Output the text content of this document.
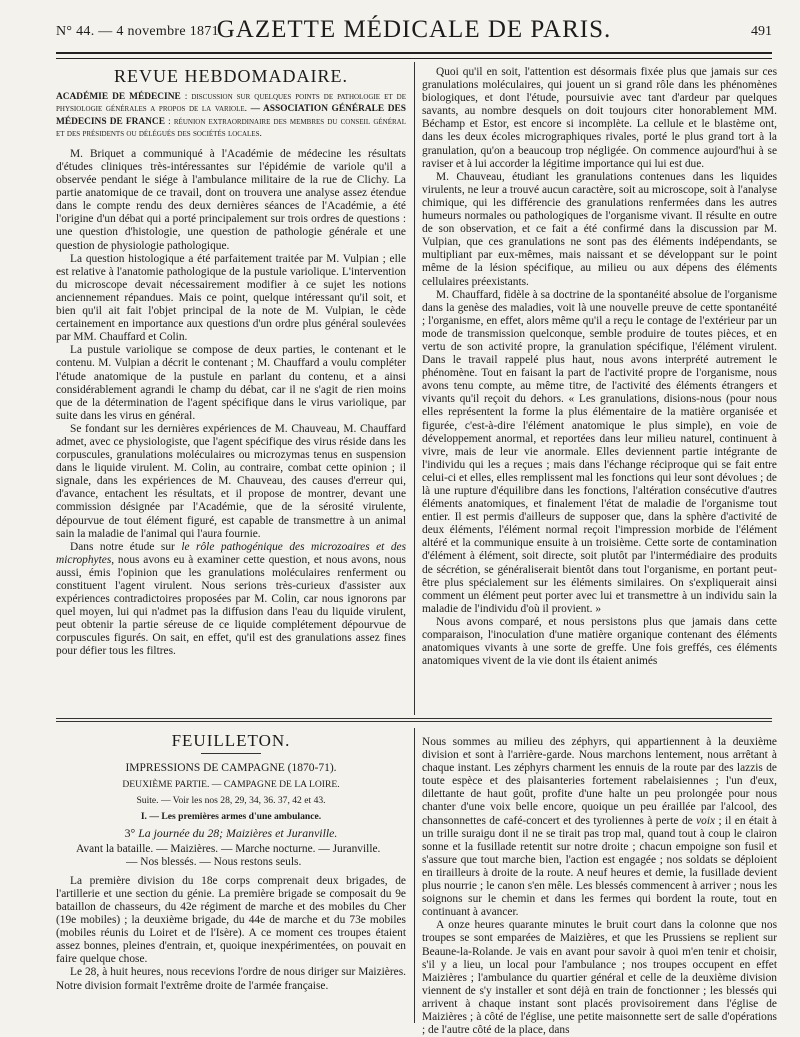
N° 44. — 4 novembre 1871.
GAZETTE MÉDICALE DE PARIS.	491
REVUE HEBDOMADAIRE.
ACADÉMIE DE MÉDECINE : discussion sur quelques points de pathologie et de physiologie générales a propos de la variole. — ASSOCIATION GÉNÉRALE DES MÉDECINS DE FRANCE : réunion extraordinaire des membres du conseil général et des présidents ou délégués des sociétés locales.

M. Briquet a communiqué à l'Académie de médecine les résultats d'études cliniques très-intéressantes sur l'épidémie de variole qu'il a observée pendant le siége à l'ambulance militaire de la rue de Clichy. La partie anatomique de ce travail, dont on trouvera une analyse assez étendue dans le compte rendu des deux dernières séances de l'Académie, a été l'origine d'un débat qui a porté principalement sur trois ordres de questions : une question d'histologie, une question de pathologie générale et une question de physiologie pathologique.

La question histologique a été parfaitement traitée par M. Vulpian ; elle est relative à l'anatomie pathologique de la pustule variolique. L'intervention du microscope devait nécessairement modifier à ce sujet les notions anciennement répandues. Mais ce point, quelque intéressant qu'il soit, et bien qu'il ait fait l'objet principal de la note de M. Vulpian, le cède certainement en importance aux questions d'un ordre plus général soulevées par MM. Chauffard et Colin.

La pustule variolique se compose de deux parties, le contenant et le contenu. M. Vulpian a décrit le contenant ; M. Chauffard a voulu compléter l'étude anatomique de la pustule en parlant du contenu, et a ainsi considérablement agrandi le champ du débat, car il ne s'agit de rien moins que de la détermination de l'agent spécifique dans le virus variolique, par suite dans les virus en général.

Se fondant sur les dernières expériences de M. Chauveau, M. Chauffard admet, avec ce physiologiste, que l'agent spécifique des virus réside dans les corpuscules, granulations moléculaires ou microzymas tenus en suspension dans le liquide virulent. M. Colin, au contraire, combat cette opinion ; il signale, dans les expériences de M. Chauveau, des causes d'erreur qui, d'avance, entachent les résultats, et il propose de montrer, devant une commission désignée par l'Académie, que de la sérosité virulente, dépourvue de tout élément figuré, est capable de transmettre à un animal sain la maladie de l'animal qui l'aura fournie.

Dans notre étude sur le rôle pathogénique des microzoaires et des microphytes, nous avons eu à examiner cette question, et nous avons, nous aussi, émis l'opinion que les granulations moléculaires renferment ou constituent l'agent virulent. Nous serions très-curieux d'assister aux expériences contradictoires proposées par M. Colin, car nous ignorons par quel moyen, lui qui n'admet pas la diffusion dans l'eau du liquide virulent, peut obtenir la partie séreuse de ce liquide complétement dépourvue de corpuscules figurés. On sait, en effet, qu'il est des granulations assez fines pour défier tous les filtres.

Quoi qu'il en soit, l'attention est désormais fixée plus que jamais sur ces granulations moléculaires, qui jouent un si grand rôle dans les phénomènes biologiques, et dont l'étude, poursuivie avec tant d'ardeur par quelques savants, au nombre desquels on doit toujours citer honorablement MM. Béchamp et Estor, est encore si incomplète. La cellule et le blastème ont, dans les deux écoles micrographiques rivales, porté le plus grand tort à la granulation, qu'on a beaucoup trop négligée. On commence aujourd'hui à se raviser et à lui accorder la légitime importance qui lui est due.

M. Chauveau, étudiant les granulations contenues dans les liquides virulents, ne leur a trouvé aucun caractère, soit au microscope, soit à l'analyse chimique, qui les différencie des granulations renfermées dans les autres humeurs normales ou pathologiques de l'organisme vivant. Il résulte en outre de son observation, et ce fait a été confirmé dans la discussion par M. Vulpian, que ces granulations ne sont pas des éléments indépendants, se multipliant par eux-mêmes, mais naissant et se développant sur le point même de la lésion spécifique, au milieu ou aux dépens des éléments cellulaires préexistants.

M. Chauffard, fidèle à sa doctrine de la spontanéité absolue de l'organisme dans la genèse des maladies, voit là une nouvelle preuve de cette spontanéité ; l'organisme, en effet, alors même qu'il a reçu le contage de l'extérieur par un mode de transmission quelconque, semble produire de toutes pièces, et en vertu de son activité propre, la granulation spécifique, l'élément virulent. Dans le travail rappelé plus haut, nous avons interprété autrement le phénomène. Tout en faisant la part de l'activité propre de l'organisme, nous avons tenu compte, au même titre, de l'activité des éléments étrangers et vivants qu'il reçoit du dehors. « Les granulations, disions-nous (pour nous elles représentent la forme la plus élémentaire de la matière organisée et figurée, c'est-à-dire l'élément anatomique le plus simple), en voie de développement anormal, et reportées dans leur milieu naturel, continuent à vivre, mais de leur vie anormale. Elles deviennent partie intégrante de l'individu qui les a reçues ; mais dans l'échange réciproque qui se fait entre celui-ci et elles, elles remplissent mal les fonctions qui leur sont dévolues ; de là une rupture d'équilibre dans les fonctions, l'altération consécutive d'autres éléments anatomiques, et finalement l'état de maladie de l'organisme tout entier. Il est permis d'ailleurs de supposer que, dans la sphère d'activité de deux éléments, l'élément normal reçoit l'impression morbide de l'élément altéré et la communique ensuite à un troisième. Cette sorte de contamination d'élément à élément, soit directe, soit plutôt par l'intermédiaire des produits de sécrétion, se généraliserait bientôt dans tout l'organisme, en portant peut-être plus spécialement sur les éléments similaires. On s'expliquerait ainsi comment un élément peut porter avec lui et transmettre à un individu sain la maladie de l'individu d'où il provient. »

Nous avons comparé, et nous persistons plus que jamais dans cette comparaison, l'inoculation d'une matière organique contenant des éléments anatomiques vivants à une sorte de greffe. Une fois greffés, ces éléments anatomiques vivent de la vie dont ils étaient animés

FEUILLETON.
IMPRESSIONS DE CAMPAGNE (1870-71).
DEUXIÈME PARTIE. — CAMPAGNE DE LA LOIRE.
Suite. — Voir les nos 28, 29, 34, 36. 37, 42 et 43.
I. — Les premières armes d'une ambulance.
3° La journée du 28; Maizières et Juranville.
Avant la bataille. — Maizières. — Marche nocturne. — Juranville.
— Nos blessés. — Nous restons seuls.

La première division du 18e corps comprenait deux brigades, de l'artillerie et une section du génie. La première brigade se composait du 9e bataillon de chasseurs, du 42e régiment de marche et des mobiles du Cher (19e mobiles) ; la deuxième brigade, du 44e de marche et du 73e mobiles (mobiles réunis du Loiret et de l'Isère). A ce moment ces troupes étaient assez bonnes, pleines d'entrain, et, quoique inexpérimentées, on pouvait en faire quelque chose.

Le 28, à huit heures, nous recevions l'ordre de nous diriger sur Maizières. Notre division formait l'extrême droite de l'armée française.

Nous sommes au milieu des zéphyrs, qui appartiennent à la deuxième division et sont à l'arrière-garde. Nous marchons lentement, nous arrêtant à chaque instant. Les zéphyrs charment les ennuis de la route par des lazzis de toute espèce et des plaisanteries fortement rabelaisiennes ; l'un d'eux, dilettante de haut goût, profite d'une halte un peu prolongée pour nous chanter d'une voix belle encore, quoique un peu éraillée par l'alcool, des chansonnettes de café-concert et des tyroliennes à perte de voix ; il en était à un trille suraigu dont il ne se tirait pas trop mal, quand tout à coup le clairon sonne et la fusillade retentit sur notre droite ; chacun empoigne son fusil et s'assure que tout marche bien, l'action est engagée ; nos soldats se déploient en tirailleurs à droite de la route. A neuf heures et demie, la fusillade devient plus nourrie ; le canon s'en mêle. Les blessés commencent à arriver ; nous les soignons sur le chemin et dans les fermes qui bordent la route, tout en continuant à avancer.

A onze heures quarante minutes le bruit court dans la colonne que nos troupes se sont emparées de Maizières, et que les Prussiens se replient sur Beaune-la-Rolande. Je vais en avant pour savoir à quoi m'en tenir et choisir, s'il y a lieu, un local pour l'ambulance ; nos troupes occupent en effet Maizières ; l'ambulance du quartier général et celle de la deuxième division viennent de s'y installer et sont déjà en train de fonctionner ; les blessés qui arrivent à chaque instant sont placés provisoirement dans l'église de Maizières ; à côté de l'église, une petite maisonnette sert de salle d'opérations ; de l'autre côté de la place, dans
